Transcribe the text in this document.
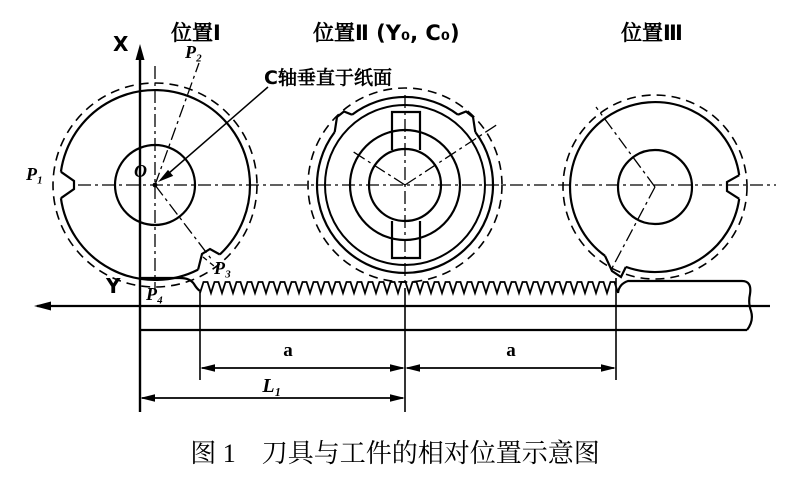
X
Y
O
C轴垂直于纸面
位置Ⅰ	位置Ⅱ (Y₀, C₀)	位置Ⅲ
P₁
P₂
P₃
P₄
a	a
L₁
图 1　刀具与工件的相对位置示意图
